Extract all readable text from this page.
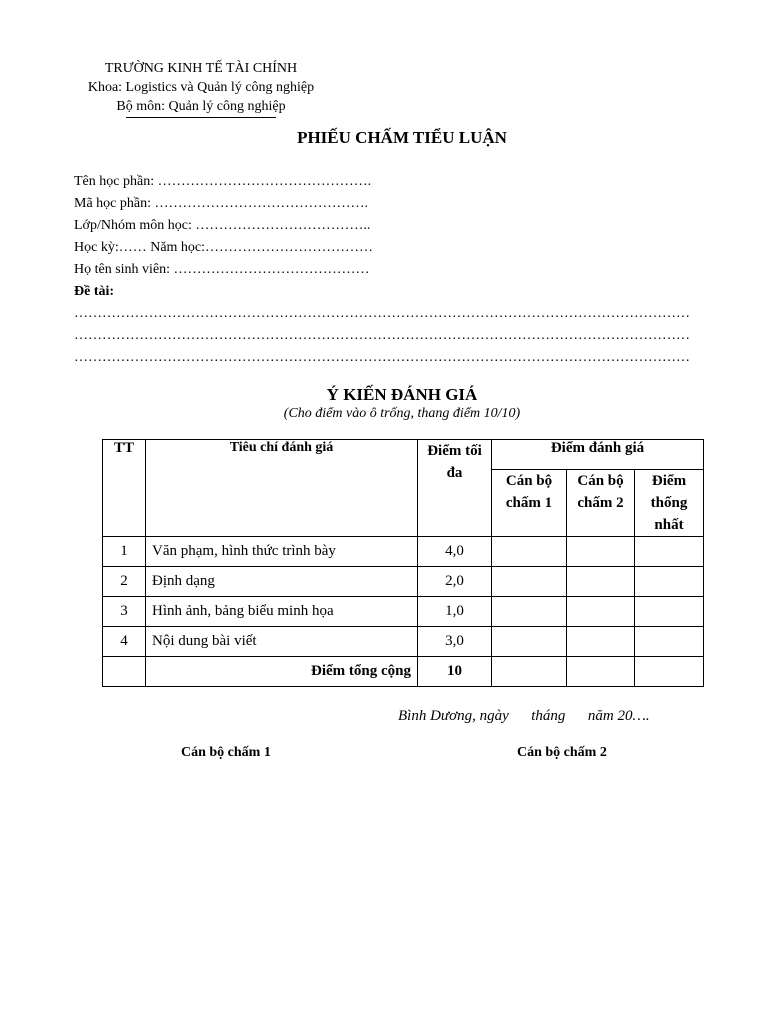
TRƯỜNG KINH TẾ TÀI CHÍNH
Khoa: Logistics và Quản lý công nghiệp
Bộ môn: Quản lý công nghiệp
PHIẾU CHẤM TIỂU LUẬN
Tên học phần: ……………………………………….
Mã học phần: ……………………………………….
Lớp/Nhóm môn học: ………………………………..
Học kỳ:…… Năm học:………………………………
Họ tên sinh viên: ……………………………………
Đề tài:
……………………………………………………………………………………………………………………
……………………………………………………………………………………………………………………
……………………………………………………………………………………………………………………
Ý KIẾN ĐÁNH GIÁ
(Cho điểm vào ô trống, thang điểm 10/10)
TT	Tiêu chí đánh giá	Điểm tối đa	Điểm đánh giá		
			Cán bộ chấm 1	Cán bộ chấm 2	Điểm thống nhất
1	Văn phạm, hình thức trình bày	4,0			
2	Định dạng	2,0			
3	Hình ảnh, bảng biểu minh họa	1,0			
4	Nội dung bài viết	3,0			
	Điểm tổng cộng	10			
Bình Dương, ngày      tháng      năm 20….
Cán bộ chấm 1	Cán bộ chấm 2
